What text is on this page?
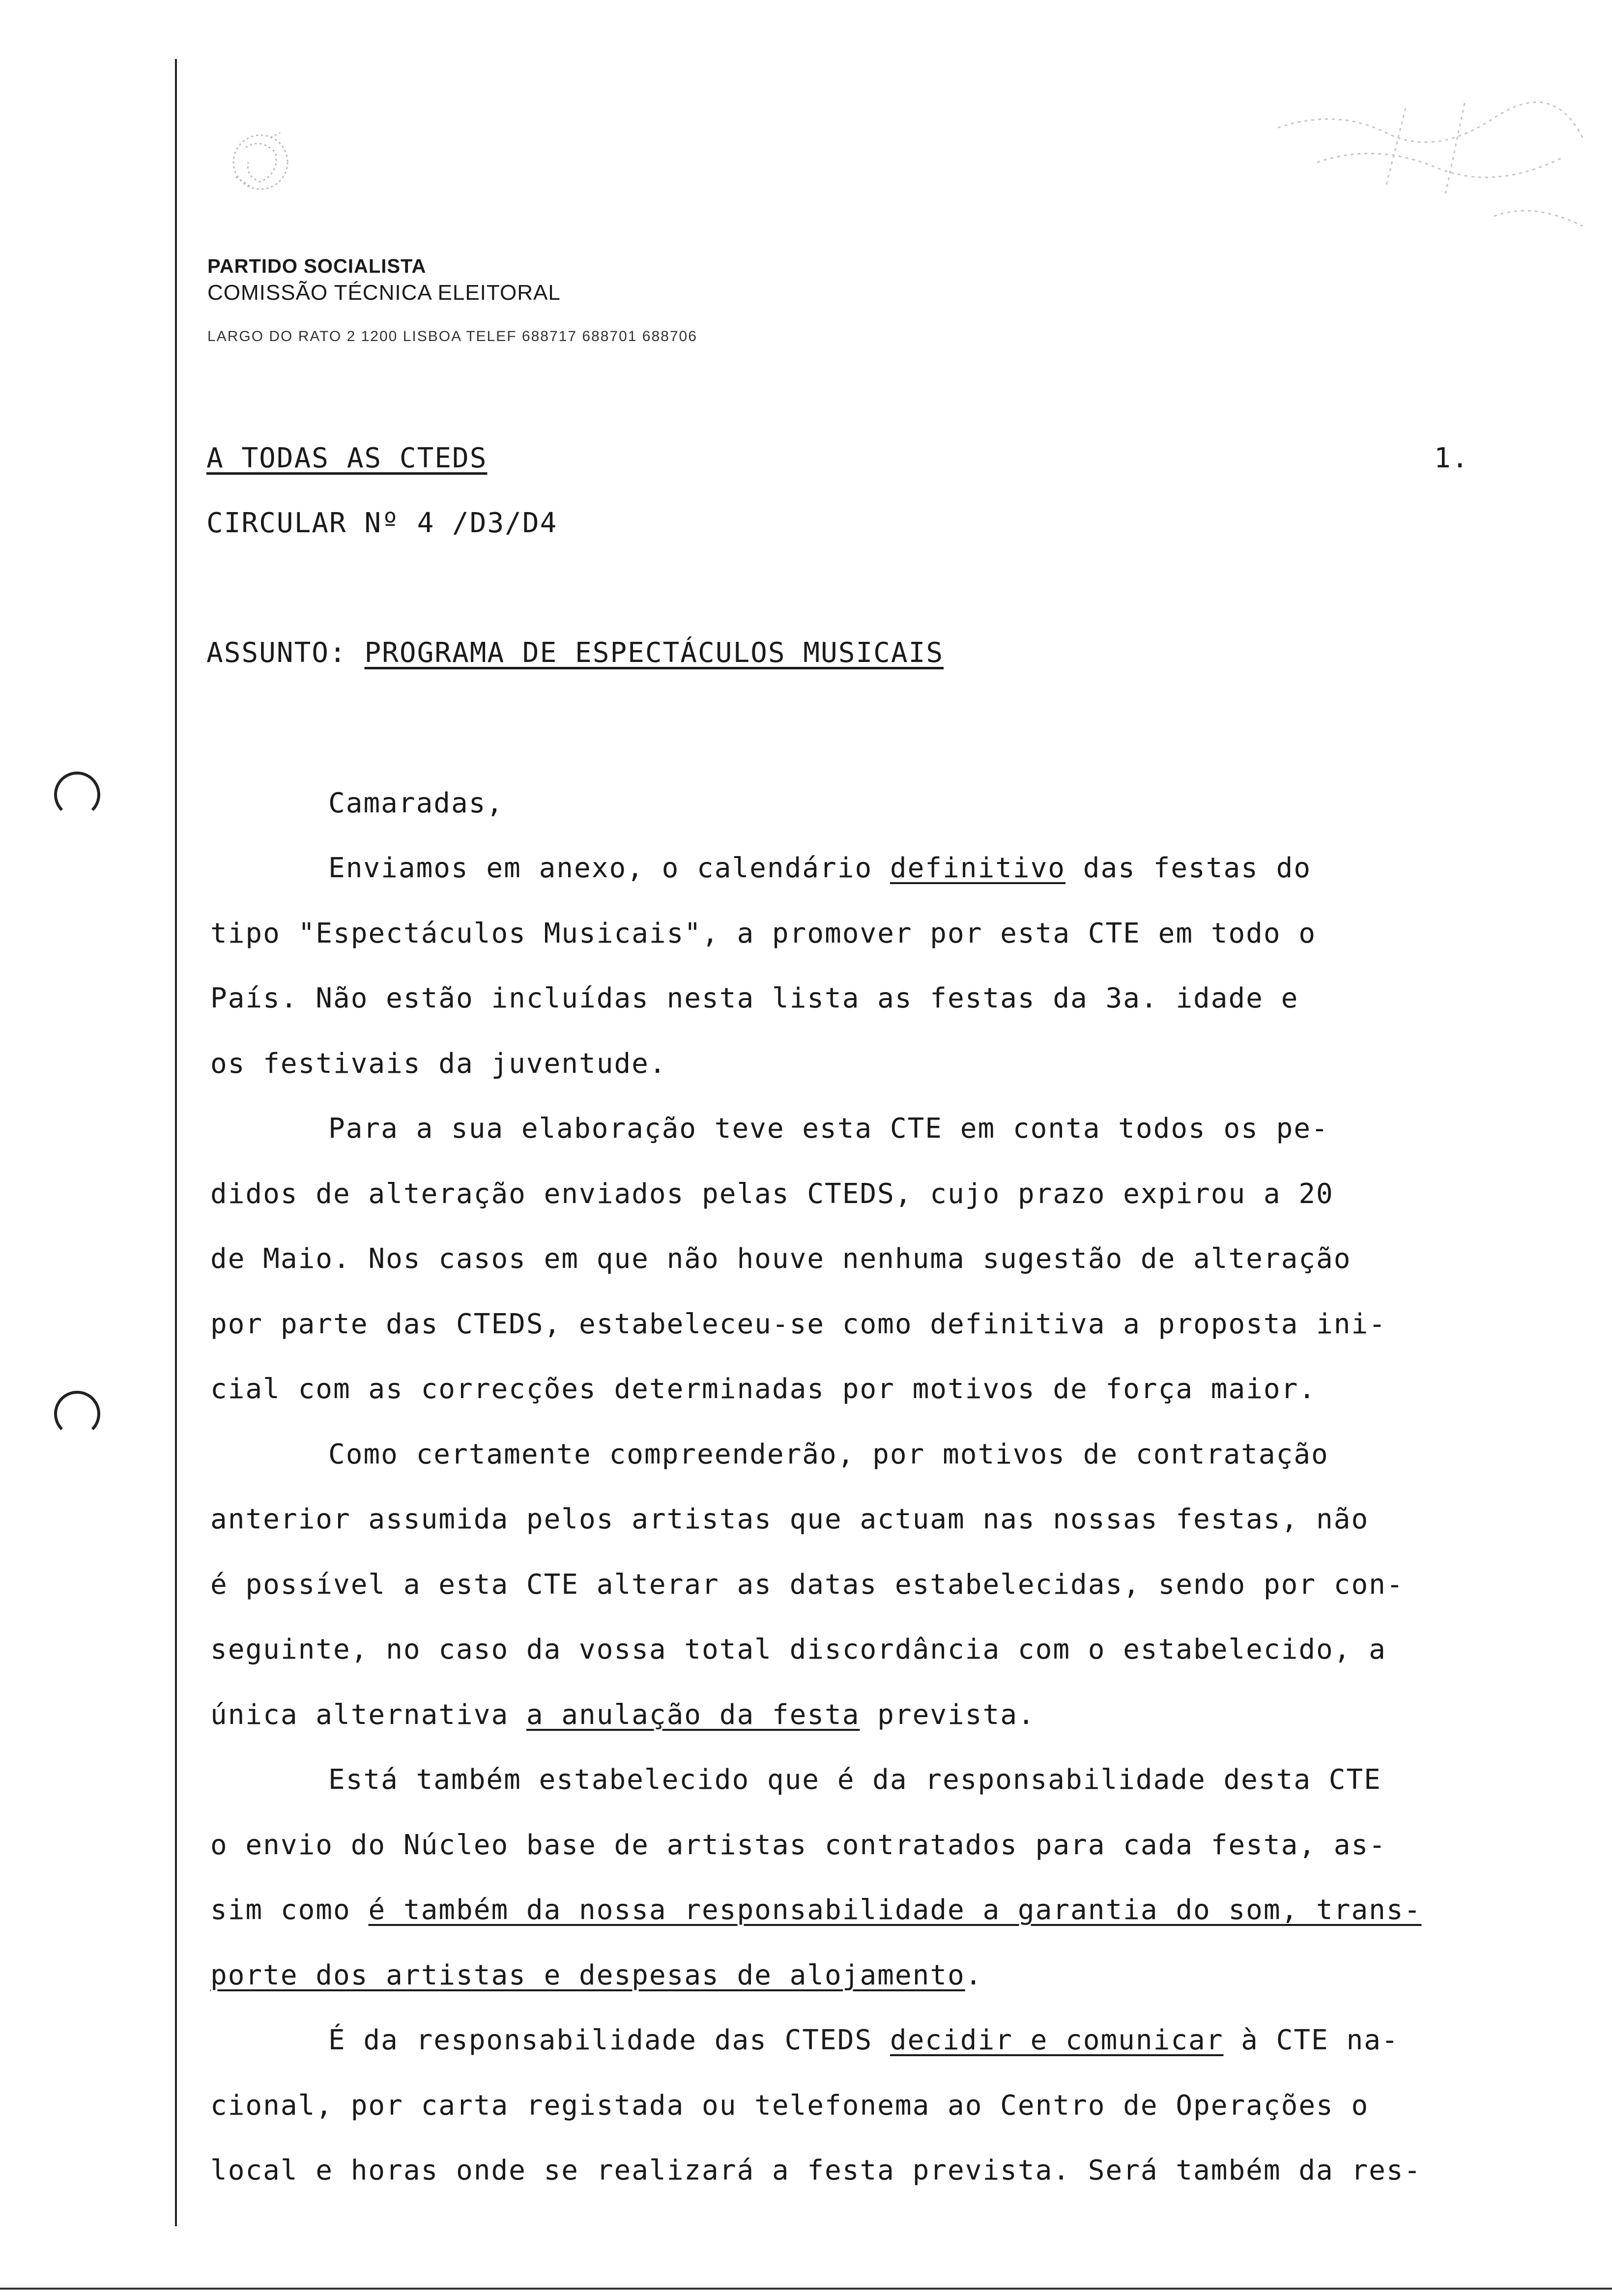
PARTIDO SOCIALISTA
COMISSÃO TÉCNICA ELEITORAL
LARGO DO RATO 2 1200 LISBOA TELEF 688717 688701 688706
A TODAS AS CTEDS	1.
CIRCULAR Nº 4 /D3/D4
ASSUNTO: PROGRAMA DE ESPECTÁCULOS MUSICAIS
Camaradas,
Enviamos em anexo, o calendário definitivo das festas do
tipo "Espectáculos Musicais", a promover por esta CTE em todo o
País. Não estão incluídas nesta lista as festas da 3a. idade e
os festivais da juventude.
Para a sua elaboração teve esta CTE em conta todos os pe-
didos de alteração enviados pelas CTEDS, cujo prazo expirou a 20
de Maio. Nos casos em que não houve nenhuma sugestão de alteração
por parte das CTEDS, estabeleceu-se como definitiva a proposta ini-
cial com as correcções determinadas por motivos de força maior.
Como certamente compreenderão, por motivos de contratação
anterior assumida pelos artistas que actuam nas nossas festas, não
é possível a esta CTE alterar as datas estabelecidas, sendo por con-
seguinte, no caso da vossa total discordância com o estabelecido, a
única alternativa a anulação da festa prevista.
Está também estabelecido que é da responsabilidade desta CTE
o envio do Núcleo base de artistas contratados para cada festa, as-
sim como é também da nossa responsabilidade a garantia do som, trans-
porte dos artistas e despesas de alojamento.
É da responsabilidade das CTEDS decidir e comunicar à CTE na-
cional, por carta registada ou telefonema ao Centro de Operações o
local e horas onde se realizará a festa prevista. Será também da res-
